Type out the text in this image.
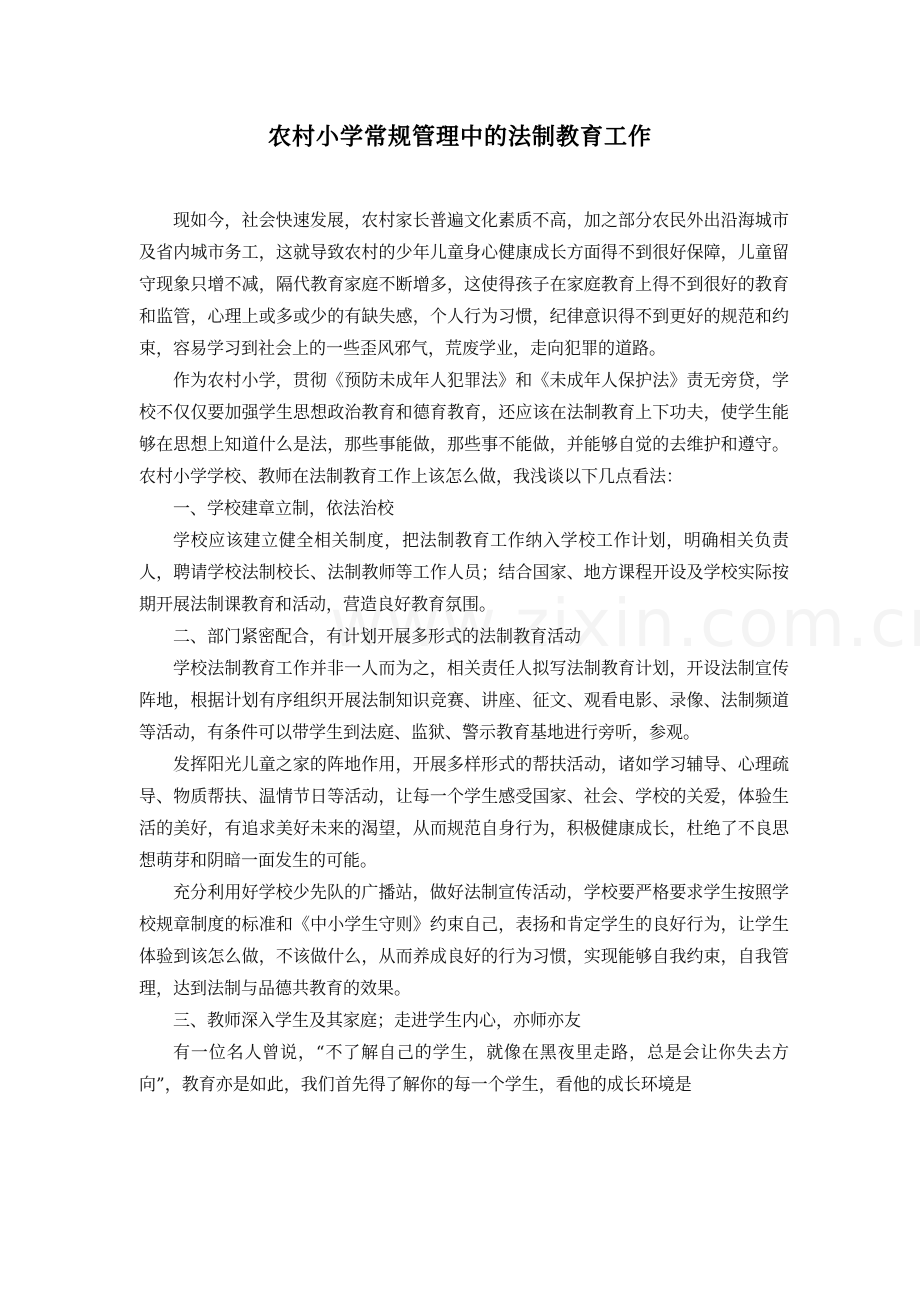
农村小学常规管理中的法制教育工作

现如今，社会快速发展，农村家长普遍文化素质不高，加之部分农民外出沿海城市及省内城市务工，这就导致农村的少年儿童身心健康成长方面得不到很好保障，儿童留守现象只增不减，隔代教育家庭不断增多，这使得孩子在家庭教育上得不到很好的教育和监管，心理上或多或少的有缺失感，个人行为习惯，纪律意识得不到更好的规范和约束，容易学习到社会上的一些歪风邪气，荒废学业，走向犯罪的道路。

作为农村小学，贯彻《预防未成年人犯罪法》和《未成年人保护法》责无旁贷，学校不仅仅要加强学生思想政治教育和德育教育，还应该在法制教育上下功夫，使学生能够在思想上知道什么是法，那些事能做，那些事不能做，并能够自觉的去维护和遵守。农村小学学校、教师在法制教育工作上该怎么做，我浅谈以下几点看法：

一、学校建章立制，依法治校

学校应该建立健全相关制度，把法制教育工作纳入学校工作计划，明确相关负责人，聘请学校法制校长、法制教师等工作人员；结合国家、地方课程开设及学校实际按期开展法制课教育和活动，营造良好教育氛围。

二、部门紧密配合，有计划开展多形式的法制教育活动

学校法制教育工作并非一人而为之，相关责任人拟写法制教育计划，开设法制宣传阵地，根据计划有序组织开展法制知识竞赛、讲座、征文、观看电影、录像、法制频道等活动，有条件可以带学生到法庭、监狱、警示教育基地进行旁听，参观。

发挥阳光儿童之家的阵地作用，开展多样形式的帮扶活动，诸如学习辅导、心理疏导、物质帮扶、温情节日等活动，让每一个学生感受国家、社会、学校的关爱，体验生活的美好，有追求美好未来的渴望，从而规范自身行为，积极健康成长，杜绝了不良思想萌芽和阴暗一面发生的可能。

充分利用好学校少先队的广播站，做好法制宣传活动，学校要严格要求学生按照学校规章制度的标准和《中小学生守则》约束自己，表扬和肯定学生的良好行为，让学生体验到该怎么做，不该做什么，从而养成良好的行为习惯，实现能够自我约束，自我管理，达到法制与品德共教育的效果。

三、教师深入学生及其家庭；走进学生内心，亦师亦友

有一位名人曾说，“不了解自己的学生，就像在黑夜里走路，总是会让你失去方向”，教育亦是如此，我们首先得了解你的每一个学生，看他的成长环境是
